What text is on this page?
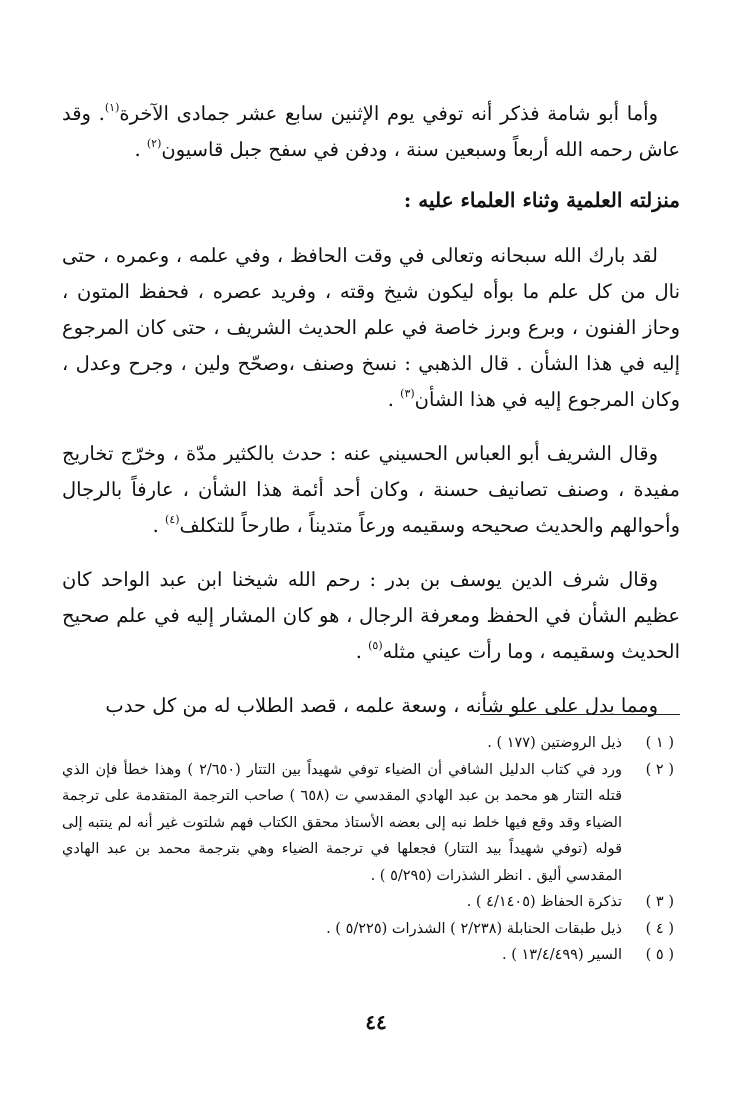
وأما أبو شامة فذكر أنه توفي يوم الإثنين سابع عشر جمادى الآخرة$^{(١)}$. وقد عاش رحمه الله أربعاً وسبعين سنة ، ودفن في سفح جبل قاسيون$^{(٢)}$ .

منزلته العلمية وثناء العلماء عليه :

لقد بارك الله سبحانه وتعالى في وقت الحافظ ، وفي علمه ، وعمره ، حتى نال من كل علم ما بوأه ليكون شيخ وقته ، وفريد عصره ، فحفظ المتون ، وحاز الفنون ، وبرع وبرز خاصة في علم الحديث الشريف ، حتى كان المرجوع إليه في هذا الشأن . قال الذهبي : نسخ وصنف ،وصحّح ولين ، وجرح وعدل ، وكان المرجوع إليه في هذا الشأن$^{(٣)}$ .

وقال الشريف أبو العباس الحسيني عنه : حدث بالكثير مدّة ، وخرّج تخاريج مفيدة ، وصنف تصانيف حسنة ، وكان أحد أئمة هذا الشأن ، عارفاً بالرجال وأحوالهم والحديث صحيحه وسقيمه ورعاً متديناً ، طارحاً للتكلف$^{(٤)}$ .

وقال شرف الدين يوسف بن بدر : رحم الله شيخنا ابن عبد الواحد كان عظيم الشأن في الحفظ ومعرفة الرجال ، هو كان المشار إليه في علم صحيح الحديث وسقيمه ، وما رأت عيني مثله$^{(٥)}$ .

ومما يدل على علو شأنه ، وسعة علمه ، قصد الطلاب له من كل حدب

( ١ )
ذيل الروضتين (١٧٧ ) .
( ٢ )
ورد في كتاب الدليل الشافي أن الضياء توفي شهيداً بين التتار (٢/٦٥٠ ) وهذا خطأ فإن الذي قتله التتار هو محمد بن عبد الهادي المقدسي ت (٦٥٨ ) صاحب الترجمة المتقدمة على ترجمة الضياء وقد وقع فيها خلط نبه إلى بعضه الأستاذ محقق الكتاب فهم شلتوت غير أنه لم ينتبه إلى قوله (توفي شهيداً بيد التتار) فجعلها في ترجمة الضياء وهي بترجمة محمد بن عبد الهادي المقدسي أليق . انظر الشذرات (٥/٢٩٥ ) .
( ٣ )
تذكرة الحفاظ (٤/١٤٠٥ ) .
( ٤ )
ذيل طبقات الحنابلة (٢/٢٣٨ ) الشذرات (٥/٢٢٥ ) .
( ٥ )
السير (١٣/٤/٤٩٩ ) .
٤٤
